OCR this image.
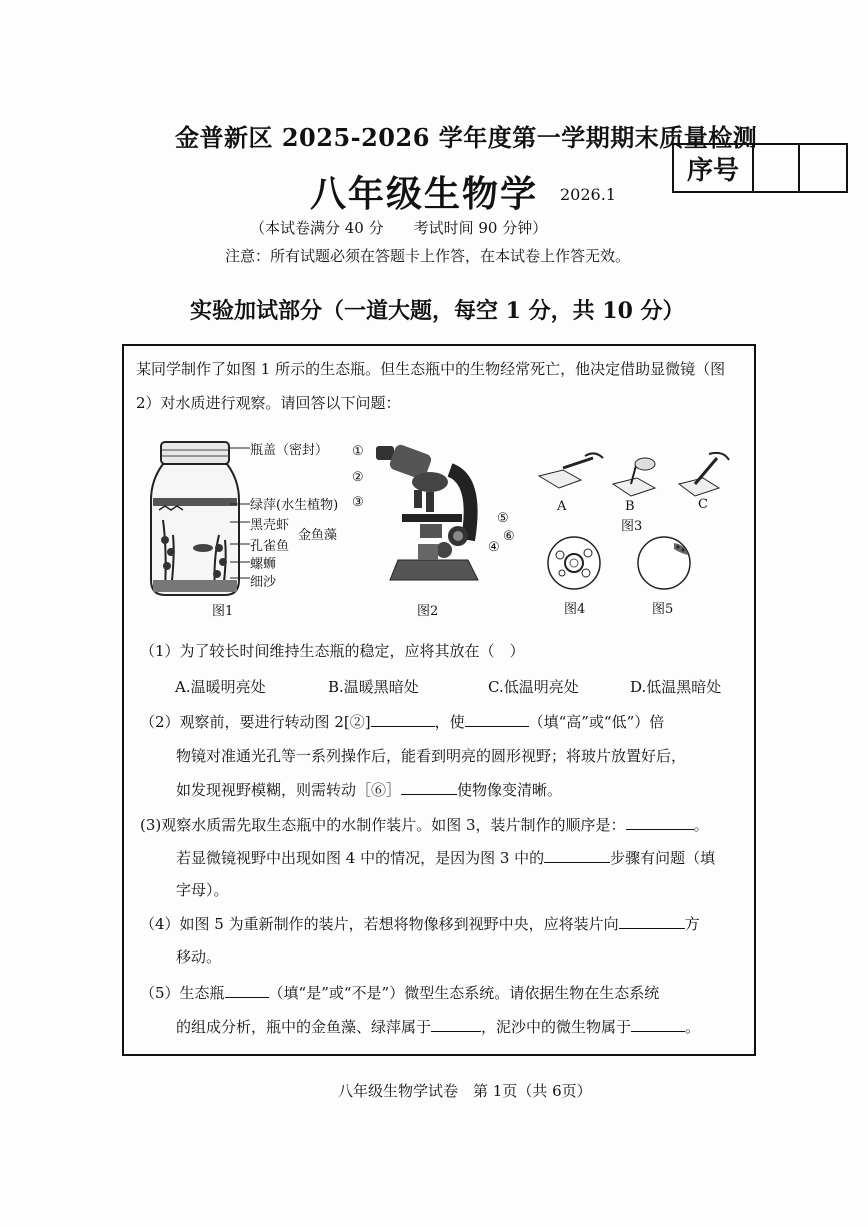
金普新区 2025-2026 学年度第一学期期末质量检测
序号
八年级生物学 2026.1
（本试卷满分 40 分　　考试时间 90 分钟）
注意：所有试题必须在答题卡上作答，在本试卷上作答无效。
实验加试部分（一道大题，每空 1 分，共 10 分）
某同学制作了如图 1 所示的生态瓶。但生态瓶中的生物经常死亡，他决定借助显微镜（图 2）对水质进行观察。请回答以下问题：
瓶盖（密封）
绿萍(水生植物)
黑壳虾
金鱼藻
孔雀鱼
螺蛳
细沙
图1
①
②
③
④
⑤
⑥
图2
A	B	C
图3
图4	图5
（1）为了较长时间维持生态瓶的稳定，应将其放在（　）
A.温暖明亮处	B.温暖黑暗处	C.低温明亮处	D.低温黑暗处
（2）观察前，要进行转动图 2[②]	，使	（填“高”或“低”）倍
物镜对准通光孔等一系列操作后，能看到明亮的圆形视野；将玻片放置好后，
如发现视野模糊，则需转动［⑥］	使物像变清晰。
(3)观察水质需先取生态瓶中的水制作装片。如图 3，装片制作的顺序是：	。
若显微镜视野中出现如图 4 中的情况，是因为图 3 中的	步骤有问题（填
字母）。
（4）如图 5 为重新制作的装片，若想将物像移到视野中央，应将装片向	方
移动。
（5）生态瓶	（填“是”或“不是”）微型生态系统。请依据生物在生态系统
的组成分析，瓶中的金鱼藻、绿萍属于	，泥沙中的微生物属于	。
八年级生物学试卷　第 1页（共 6页）
